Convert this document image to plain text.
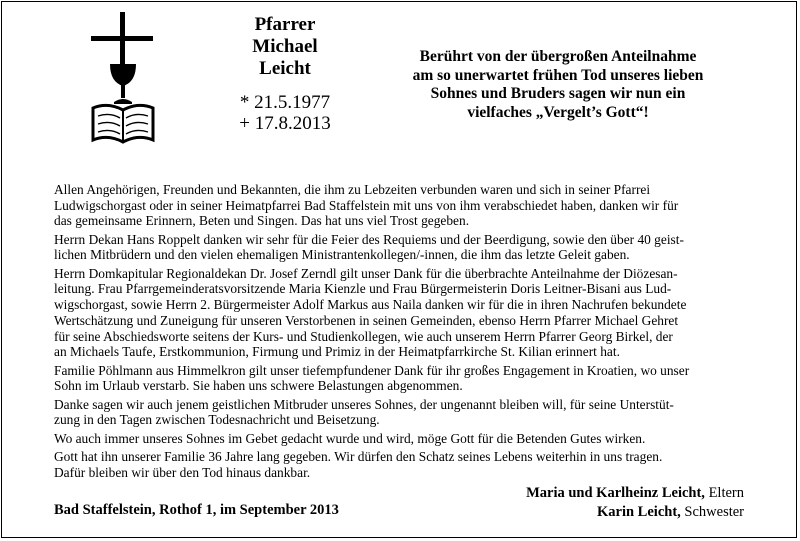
Pfarrer
Michael
Leicht
* 21.5.1977
+ 17.8.2013
Berührt von der übergroßen Anteilnahme
am so unerwartet frühen Tod unseres lieben
Sohnes und Bruders sagen wir nun ein
vielfaches „Vergelt’s Gott“!

Allen Angehörigen, Freunden und Bekannten, die ihm zu Lebzeiten verbunden waren und sich in seiner Pfarrei
Ludwigschorgast oder in seiner Heimatpfarrei Bad Staffelstein mit uns von ihm verabschiedet haben, danken wir für
das gemeinsame Erinnern, Beten und Singen. Das hat uns viel Trost gegeben.

Herrn Dekan Hans Roppelt danken wir sehr für die Feier des Requiems und der Beerdigung, sowie den über 40 geist-
lichen Mitbrüdern und den vielen ehemaligen Ministrantenkollegen/-innen, die ihm das letzte Geleit gaben.

Herrn Domkapitular Regionaldekan Dr. Josef Zerndl gilt unser Dank für die überbrachte Anteilnahme der Diözesan-
leitung. Frau Pfarrgemeinderatsvorsitzende Maria Kienzle und Frau Bürgermeisterin Doris Leitner-Bisani aus Lud-
wigschorgast, sowie Herrn 2. Bürgermeister Adolf Markus aus Naila danken wir für die in ihren Nachrufen bekundete
Wertschätzung und Zuneigung für unseren Verstorbenen in seinen Gemeinden, ebenso Herrn Pfarrer Michael Gehret
für seine Abschiedsworte seitens der Kurs- und Studienkollegen, wie auch unserem Herrn Pfarrer Georg Birkel, der
an Michaels Taufe, Erstkommunion, Firmung und Primiz in der Heimatpfarrkirche St. Kilian erinnert hat.

Familie Pöhlmann aus Himmelkron gilt unser tiefempfundener Dank für ihr großes Engagement in Kroatien, wo unser
Sohn im Urlaub verstarb. Sie haben uns schwere Belastungen abgenommen.

Danke sagen wir auch jenem geistlichen Mitbruder unseres Sohnes, der ungenannt bleiben will, für seine Unterstüt-
zung in den Tagen zwischen Todesnachricht und Beisetzung.

Wo auch immer unseres Sohnes im Gebet gedacht wurde und wird, möge Gott für die Betenden Gutes wirken.

Gott hat ihn unserer Familie 36 Jahre lang gegeben. Wir dürfen den Schatz seines Lebens weiterhin in uns tragen.
Dafür bleiben wir über den Tod hinaus dankbar.

Bad Staffelstein, Rothof 1, im September 2013
Maria und Karlheinz Leicht, Eltern
Karin Leicht, Schwester
